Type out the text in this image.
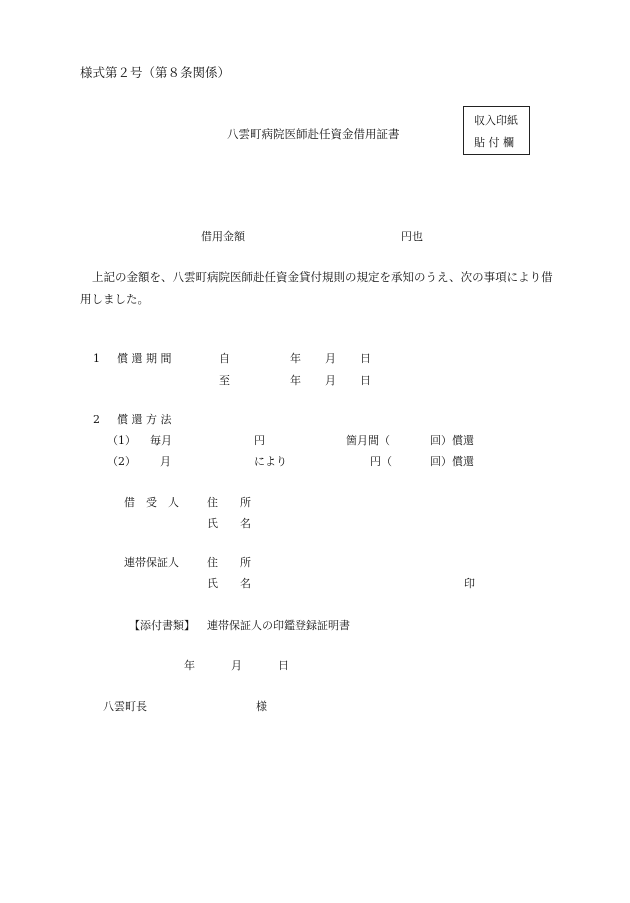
様式第２号（第８条関係）
八雲町病院医師赴任資金借用証書
収入印紙
貼 付 欄
借用金額	円也
上記の金額を、八雲町病院医師赴任資金貸付規則の規定を承知のうえ、次の事項により借用しました。
1 償 還 期 間	自	年 月 日
至	年 月 日
2 償 還 方 法
（1） 毎月	円	箇月間（	回）償還
（2） 月	により	円（	回）償還
借　受　人	住　　所
氏　　名
連帯保証人	住　　所
氏　　名	印
【添付書類】 連帯保証人の印鑑登録証明書
年	月	日
八雲町長	様
